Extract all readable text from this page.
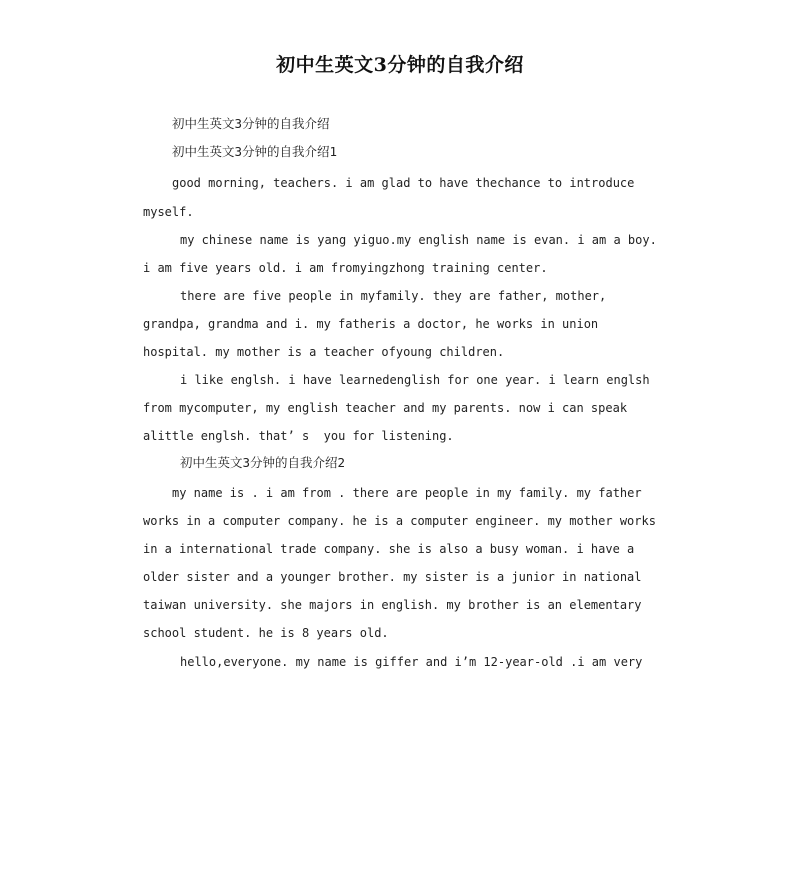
初中生英文3分钟的自我介绍
初中生英文3分钟的自我介绍
初中生英文3分钟的自我介绍1
good morning, teachers. i am glad to have thechance to introduce
myself.
my chinese name is yang yiguo.my english name is evan. i am a boy.
i am five years old. i am fromyingzhong training center.
there are five people in myfamily. they are father, mother,
grandpa, grandma and i. my fatheris a doctor, he works in union
hospital. my mother is a teacher ofyoung children.
i like englsh. i have learnedenglish for one year. i learn englsh
from mycomputer, my english teacher and my parents. now i can speak
alittle englsh. that’ s  you for listening.
初中生英文3分钟的自我介绍2
my name is . i am from . there are people in my family. my father
works in a computer company. he is a computer engineer. my mother works
in a international trade company. she is also a busy woman. i have a
older sister and a younger brother. my sister is a junior in national
taiwan university. she majors in english. my brother is an elementary
school student. he is 8 years old.
hello,everyone. my name is giffer and i’m 12-year-old .i am very
